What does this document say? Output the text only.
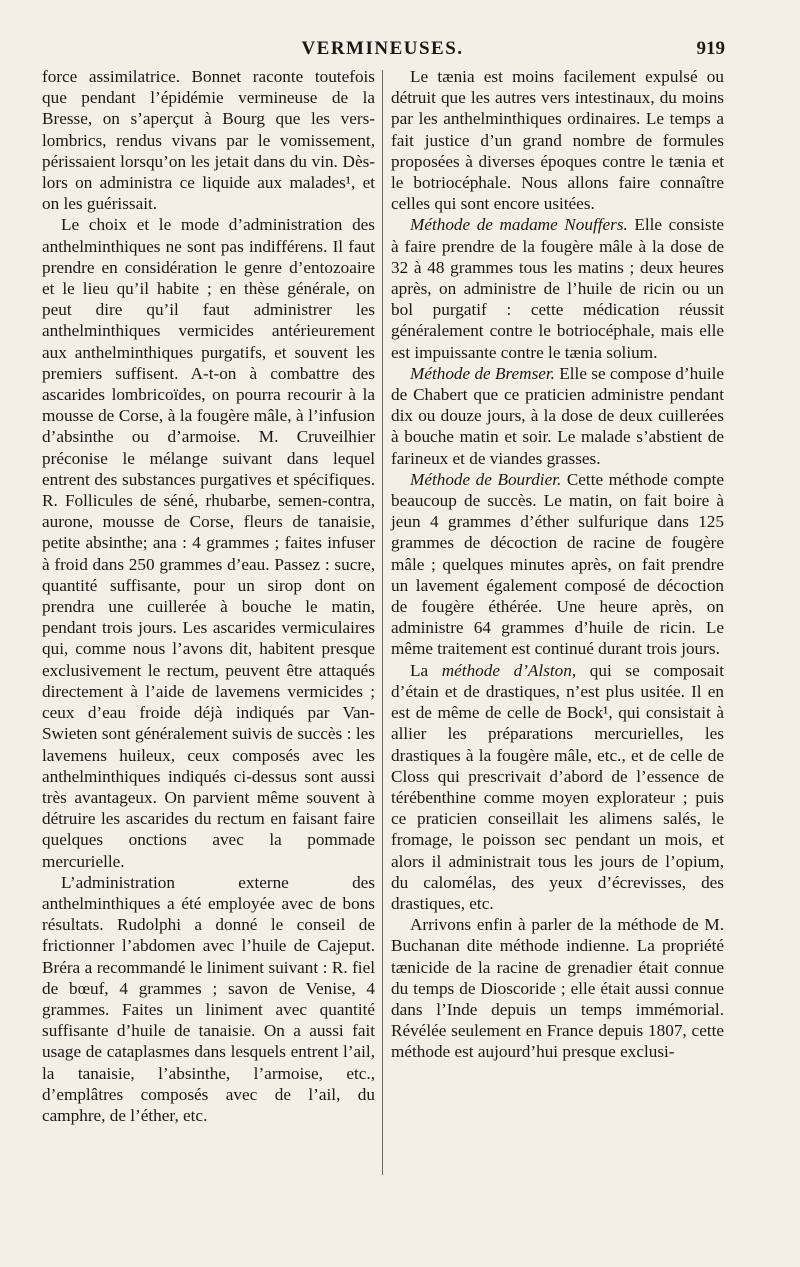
VERMINEUSES.	919

force assimilatrice. Bonnet raconte toutefois que pendant l’épidémie vermineuse de la Bresse, on s’aperçut à Bourg que les vers-lombrics, rendus vivans par le vomissement, périssaient lorsqu’on les jetait dans du vin. Dès-lors on administra ce liquide aux malades¹, et on les guérissait.

Le choix et le mode d’administration des anthelminthiques ne sont pas indifférens. Il faut prendre en considération le genre d’entozoaire et le lieu qu’il habite ; en thèse générale, on peut dire qu’il faut administrer les anthelminthiques vermicides antérieurement aux anthelminthiques purgatifs, et souvent les premiers suffisent. A-t-on à combattre des ascarides lombricoïdes, on pourra recourir à la mousse de Corse, à la fougère mâle, à l’infusion d’absinthe ou d’armoise. M. Cruveilhier préconise le mélange suivant dans lequel entrent des substances purgatives et spécifiques. R. Follicules de séné, rhubarbe, semen-contra, aurone, mousse de Corse, fleurs de tanaisie, petite absinthe; ana : 4 grammes ; faites infuser à froid dans 250 grammes d’eau. Passez : sucre, quantité suffisante, pour un sirop dont on prendra une cuillerée à bouche le matin, pendant trois jours. Les ascarides vermiculaires qui, comme nous l’avons dit, habitent presque exclusivement le rectum, peuvent être attaqués directement à l’aide de lavemens vermicides ; ceux d’eau froide déjà indiqués par Van-Swieten sont généralement suivis de succès : les lavemens huileux, ceux composés avec les anthelminthiques indiqués ci-dessus sont aussi très avantageux. On parvient même souvent à détruire les ascarides du rectum en faisant faire quelques onctions avec la pommade mercurielle.

L’administration externe des anthelminthiques a été employée avec de bons résultats. Rudolphi a donné le conseil de frictionner l’abdomen avec l’huile de Cajeput. Bréra a recommandé le liniment suivant : R. fiel de bœuf, 4 grammes ; savon de Venise, 4 grammes. Faites un liniment avec quantité suffisante d’huile de tanaisie. On a aussi fait usage de cataplasmes dans lesquels entrent l’ail, la tanaisie, l’absinthe, l’armoise, etc., d’emplâtres composés avec de l’ail, du camphre, de l’éther, etc.

Le tænia est moins facilement expulsé ou détruit que les autres vers intestinaux, du moins par les anthelminthiques ordinaires. Le temps a fait justice d’un grand nombre de formules proposées à diverses époques contre le tænia et le botriocéphale. Nous allons faire connaître celles qui sont encore usitées.

Méthode de madame Nouffers. Elle consiste à faire prendre de la fougère mâle à la dose de 32 à 48 grammes tous les matins ; deux heures après, on administre de l’huile de ricin ou un bol purgatif : cette médication réussit généralement contre le botriocéphale, mais elle est impuissante contre le tænia solium.

Méthode de Bremser. Elle se compose d’huile de Chabert que ce praticien administre pendant dix ou douze jours, à la dose de deux cuillerées à bouche matin et soir. Le malade s’abstient de farineux et de viandes grasses.

Méthode de Bourdier. Cette méthode compte beaucoup de succès. Le matin, on fait boire à jeun 4 grammes d’éther sulfurique dans 125 grammes de décoction de racine de fougère mâle ; quelques minutes après, on fait prendre un lavement également composé de décoction de fougère éthérée. Une heure après, on administre 64 grammes d’huile de ricin. Le même traitement est continué durant trois jours.

La méthode d’Alston, qui se composait d’étain et de drastiques, n’est plus usitée. Il en est de même de celle de Bock¹, qui consistait à allier les préparations mercurielles, les drastiques à la fougère mâle, etc., et de celle de Closs qui prescrivait d’abord de l’essence de térébenthine comme moyen explorateur ; puis ce praticien conseillait les alimens salés, le fromage, le poisson sec pendant un mois, et alors il administrait tous les jours de l’opium, du calomélas, des yeux d’écrevisses, des drastiques, etc.

Arrivons enfin à parler de la méthode de M. Buchanan dite méthode indienne. La propriété tænicide de la racine de grenadier était connue du temps de Dioscoride ; elle était aussi connue dans l’Inde depuis un temps immémorial. Révélée seulement en France depuis 1807, cette méthode est aujourd’hui presque exclusi-
